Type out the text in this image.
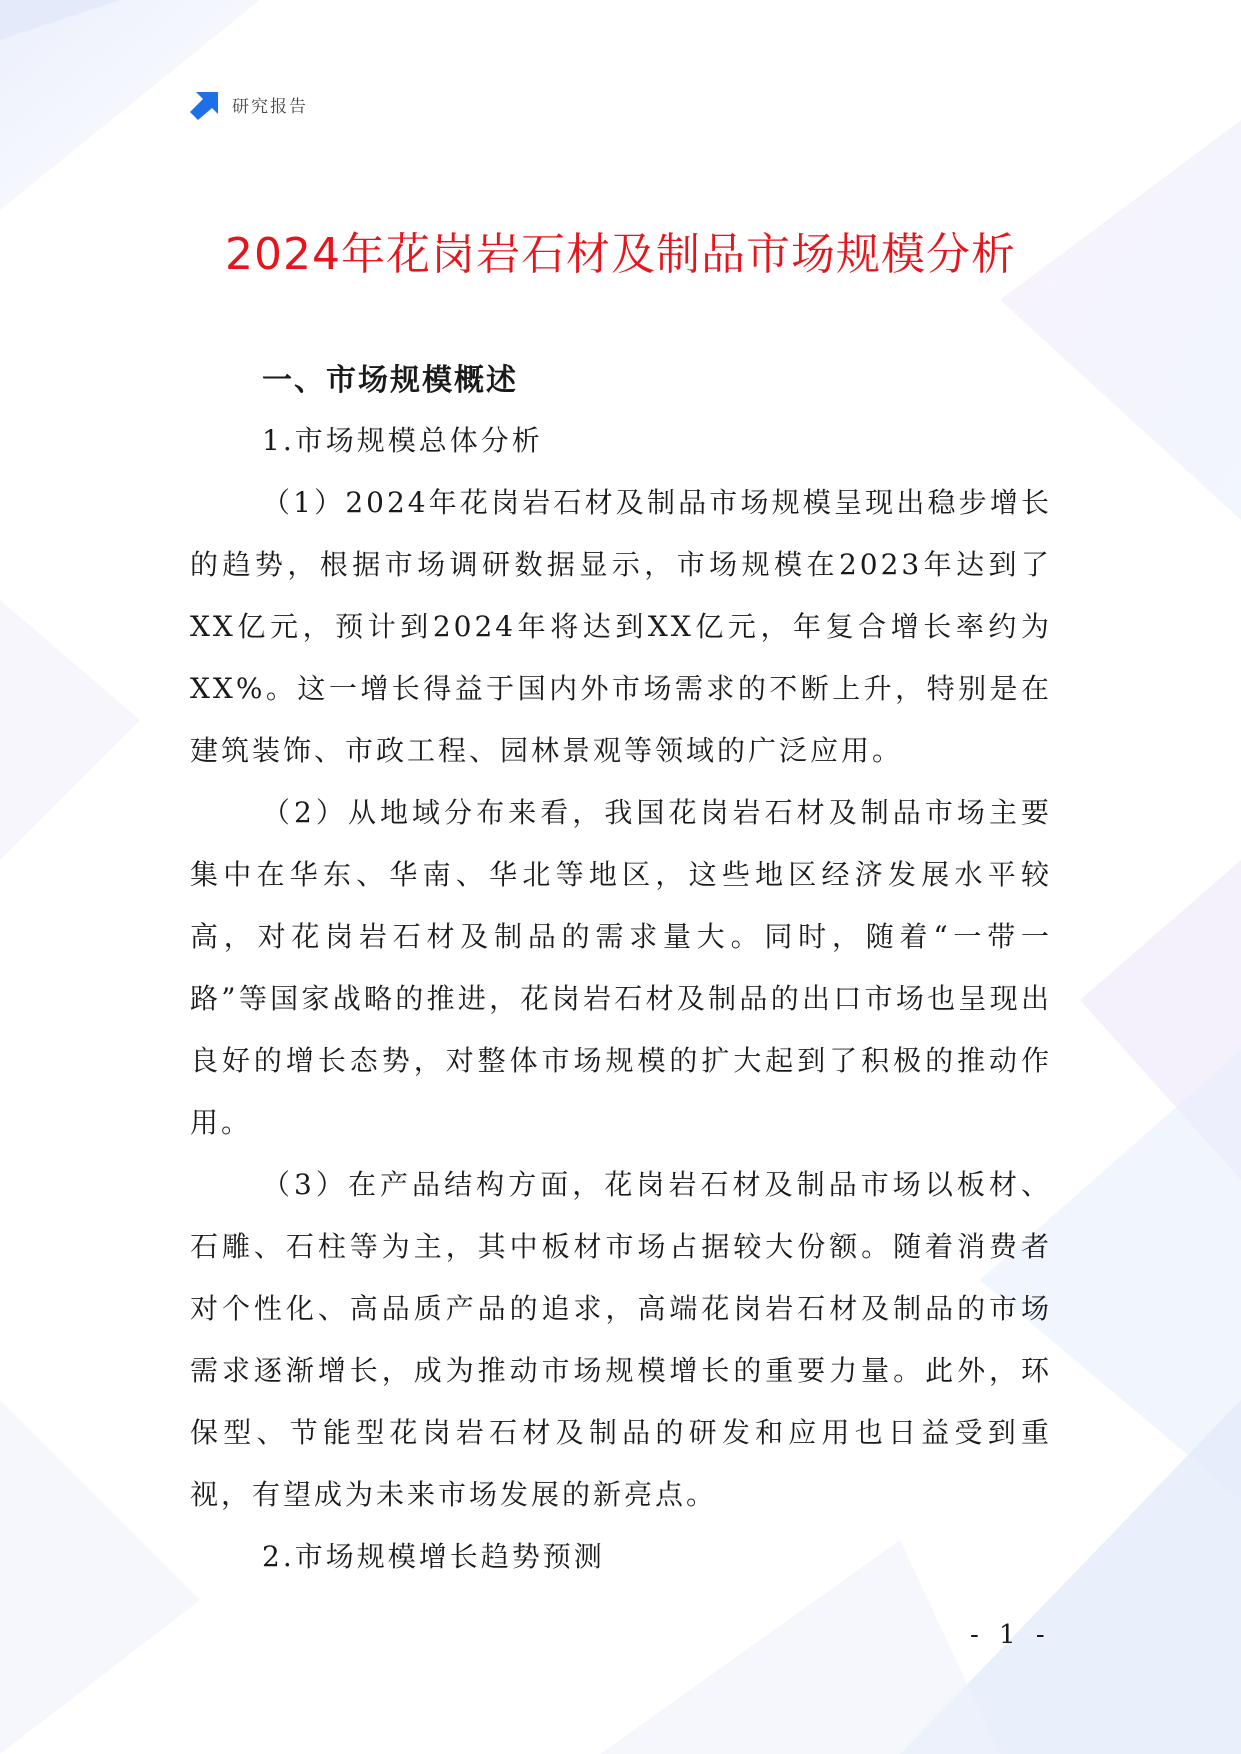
研究报告
2024年花岗岩石材及制品市场规模分析

一、市场规模概述

1.市场规模总体分析

（1）2024年花岗岩石材及制品市场规模呈现出稳步增长的趋势，根据市场调研数据显示，市场规模在2023年达到了XX亿元，预计到2024年将达到XX亿元，年复合增长率约为XX%。这一增长得益于国内外市场需求的不断上升，特别是在建筑装饰、市政工程、园林景观等领域的广泛应用。

（2）从地域分布来看，我国花岗岩石材及制品市场主要集中在华东、华南、华北等地区，这些地区经济发展水平较高，对花岗岩石材及制品的需求量大。同时，随着“一带一路”等国家战略的推进，花岗岩石材及制品的出口市场也呈现出良好的增长态势，对整体市场规模的扩大起到了积极的推动作用。

（3）在产品结构方面，花岗岩石材及制品市场以板材、石雕、石柱等为主，其中板材市场占据较大份额。随着消费者对个性化、高品质产品的追求，高端花岗岩石材及制品的市场需求逐渐增长，成为推动市场规模增长的重要力量。此外，环保型、节能型花岗岩石材及制品的研发和应用也日益受到重视，有望成为未来市场发展的新亮点。

2.市场规模增长趋势预测

- 1 -
